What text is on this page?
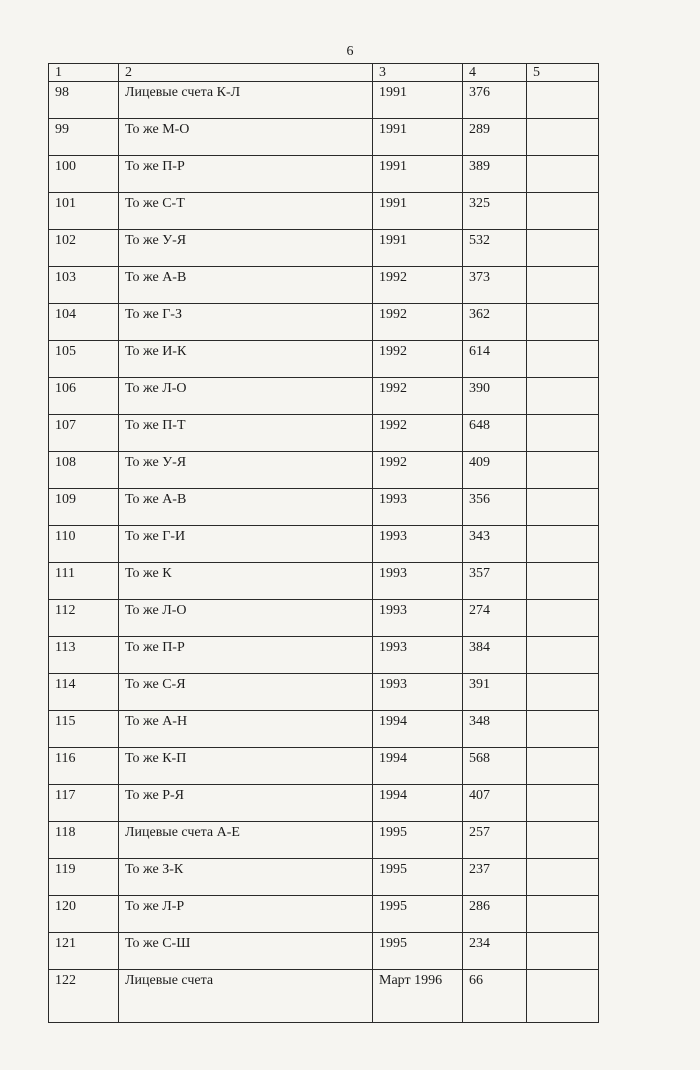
6
1	2	3	4	5
98	Лицевые счета К-Л	1991	376	
99	То же М-О	1991	289	
100	То же П-Р	1991	389	
101	То же С-Т	1991	325	
102	То же У-Я	1991	532	
103	То же А-В	1992	373	
104	То же Г-З	1992	362	
105	То же И-К	1992	614	
106	То же Л-О	1992	390	
107	То же П-Т	1992	648	
108	То же У-Я	1992	409	
109	То же А-В	1993	356	
110	То же Г-И	1993	343	
111	То же К	1993	357	
112	То же Л-О	1993	274	
113	То же П-Р	1993	384	
114	То же С-Я	1993	391	
115	То же А-Н	1994	348	
116	То же К-П	1994	568	
117	То же Р-Я	1994	407	
118	Лицевые счета А-Е	1995	257	
119	То же З-К	1995	237	
120	То же Л-Р	1995	286	
121	То же С-Ш	1995	234	
122	Лицевые счета	Март 1996	66	
